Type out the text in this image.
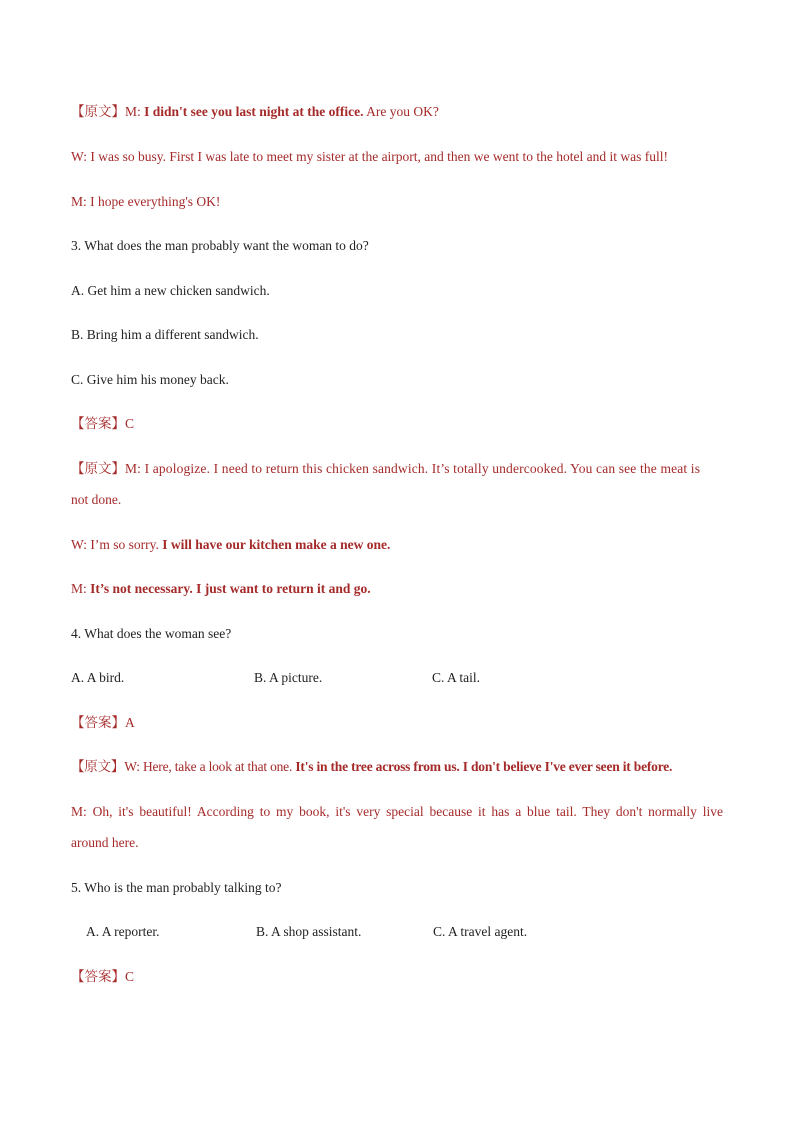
【原文】M: I didn't see you last night at the office. Are you OK?
W: I was so busy. First I was late to meet my sister at the airport, and then we went to the hotel and it was full!
M: I hope everything's OK!
3. What does the man probably want the woman to do?
A. Get him a new chicken sandwich.
B. Bring him a different sandwich.
C. Give him his money back.
【答案】C
【原文】M: I apologize. I need to return this chicken sandwich. It’s totally undercooked. You can see the meat is
not done.
W: I’m so sorry. I will have our kitchen make a new one.
M: It’s not necessary. I just want to return it and go.
4. What does the woman see?
A. A bird.	B. A picture.	C. A tail.
【答案】A
【原文】W: Here, take a look at that one. It's in the tree across from us. I don't believe I've ever seen it before.
M: Oh, it's beautiful! According to my book, it's very special because it has a blue tail. They don't normally live
around here.
5. Who is the man probably talking to?
A. A reporter.	B. A shop assistant.	C. A travel agent.
【答案】C
